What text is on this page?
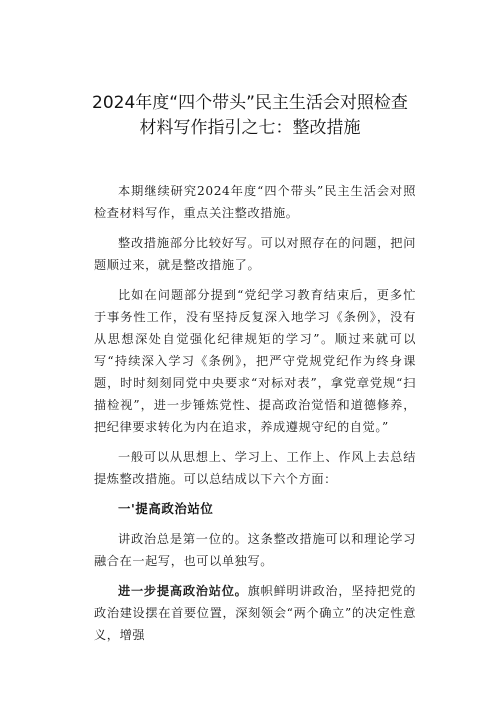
2024年度“四个带头”民主生活会对照检查
材料写作指引之七：整改措施

本期继续研究2024年度“四个带头”民主生活会对照检查材料写作，重点关注整改措施。

整改措施部分比较好写。可以对照存在的问题，把问题顺过来，就是整改措施了。

比如在问题部分提到“党纪学习教育结束后，更多忙于事务性工作，没有坚持反复深入地学习《条例》，没有从思想深处自觉强化纪律规矩的学习”。顺过来就可以写“持续深入学习《条例》，把严守党规党纪作为终身课题，时时刻刻同党中央要求“对标对表”，拿党章党规“扫描检视”，进一步锤炼党性、提高政治觉悟和道德修养，把纪律要求转化为内在追求，养成遵规守纪的自觉。”

一般可以从思想上、学习上、工作上、作风上去总结提炼整改措施。可以总结成以下六个方面：

一'提高政治站位

讲政治总是第一位的。这条整改措施可以和理论学习融合在一起写，也可以单独写。

进一步提高政治站位。旗帜鲜明讲政治，坚持把党的政治建设摆在首要位置，深刻领会“两个确立”的决定性意义，增强
